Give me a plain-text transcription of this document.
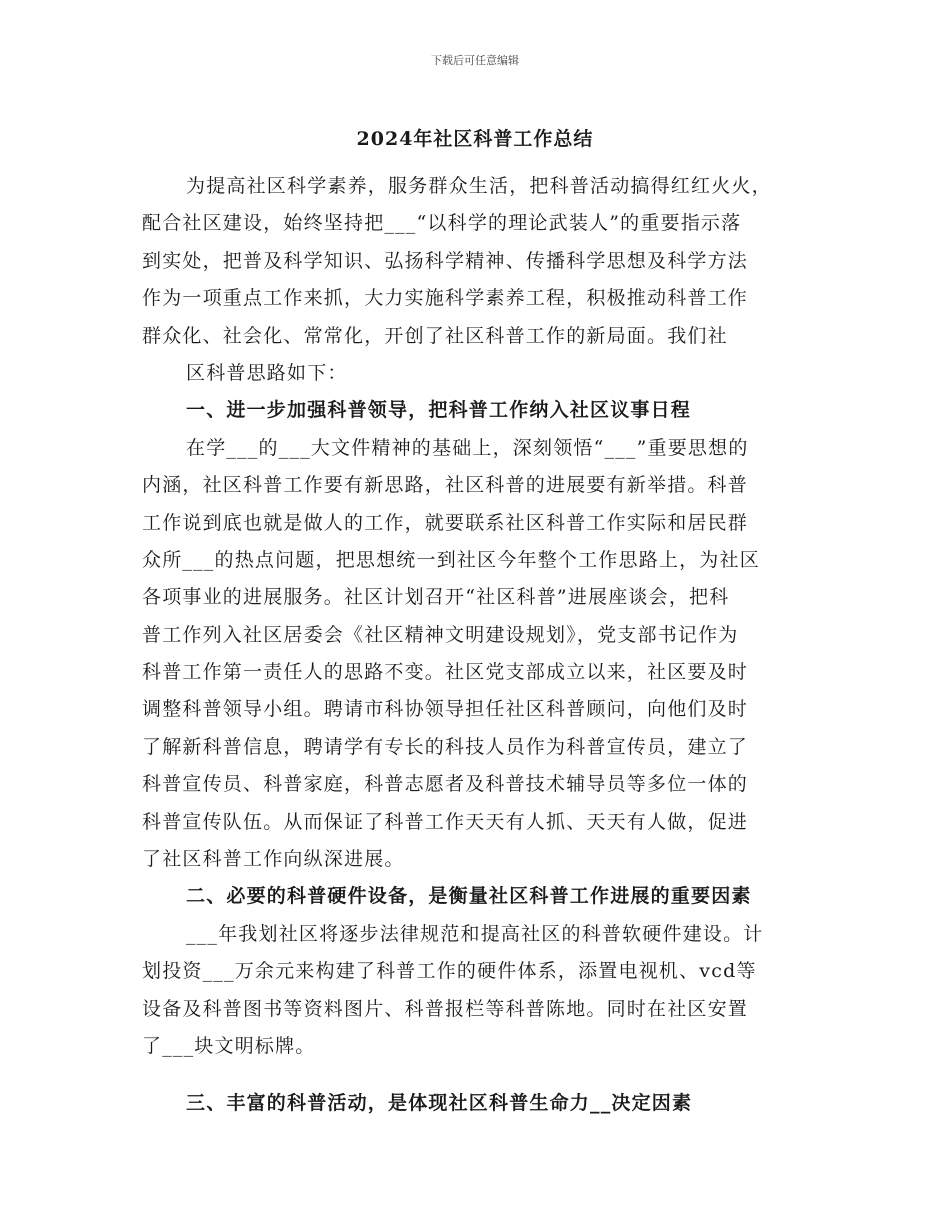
下载后可任意编辑
2024年社区科普工作总结
为提高社区科学素养，服务群众生活，把科普活动搞得红红火火，
配合社区建设，始终坚持把___“以科学的理论武装人”的重要指示落
到实处，把普及科学知识、弘扬科学精神、传播科学思想及科学方法
作为一项重点工作来抓，大力实施科学素养工程，积极推动科普工作
群众化、社会化、常常化，开创了社区科普工作的新局面。我们社
区科普思路如下：
一、进一步加强科普领导，把科普工作纳入社区议事日程
在学___的___大文件精神的基础上，深刻领悟“___”重要思想的
内涵，社区科普工作要有新思路，社区科普的进展要有新举措。科普
工作说到底也就是做人的工作，就要联系社区科普工作实际和居民群
众所___的热点问题，把思想统一到社区今年整个工作思路上，为社区
各项事业的进展服务。社区计划召开“社区科普”进展座谈会，把科
普工作列入社区居委会《社区精神文明建设规划》，党支部书记作为
科普工作第一责任人的思路不变。社区党支部成立以来，社区要及时
调整科普领导小组。聘请市科协领导担任社区科普顾问，向他们及时
了解新科普信息，聘请学有专长的科技人员作为科普宣传员，建立了
科普宣传员、科普家庭，科普志愿者及科普技术辅导员等多位一体的
科普宣传队伍。从而保证了科普工作天天有人抓、天天有人做，促进
了社区科普工作向纵深进展。
二、必要的科普硬件设备，是衡量社区科普工作进展的重要因素
___年我划社区将逐步法律规范和提高社区的科普软硬件建设。计
划投资___万余元来构建了科普工作的硬件体系，添置电视机、vcd等
设备及科普图书等资料图片、科普报栏等科普陈地。同时在社区安置
了___块文明标牌。
三、丰富的科普活动，是体现社区科普生命力__决定因素
